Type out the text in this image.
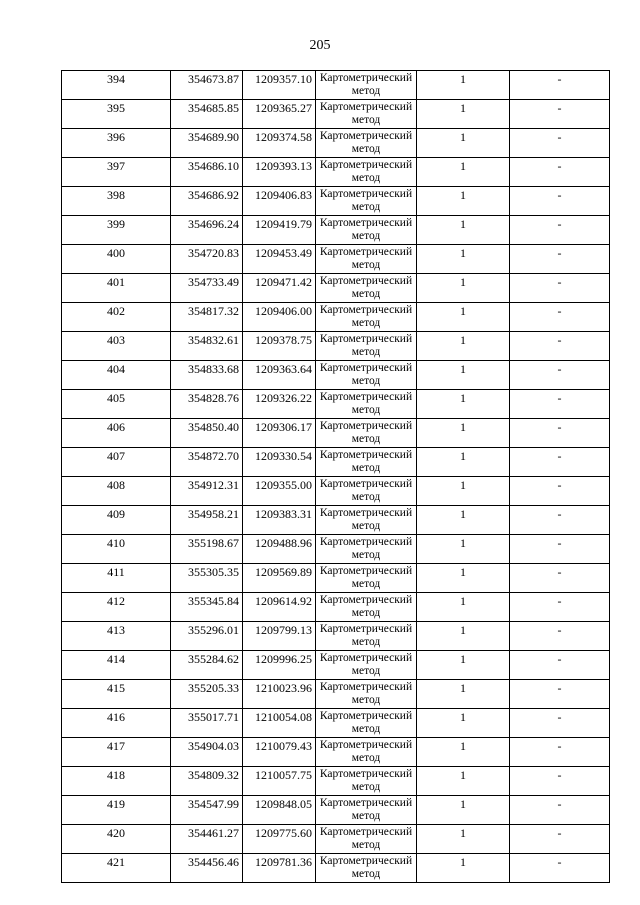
205
394	354673.87	1209357.10	Картометрический метод	1	-
395	354685.85	1209365.27	Картометрический метод	1	-
396	354689.90	1209374.58	Картометрический метод	1	-
397	354686.10	1209393.13	Картометрический метод	1	-
398	354686.92	1209406.83	Картометрический метод	1	-
399	354696.24	1209419.79	Картометрический метод	1	-
400	354720.83	1209453.49	Картометрический метод	1	-
401	354733.49	1209471.42	Картометрический метод	1	-
402	354817.32	1209406.00	Картометрический метод	1	-
403	354832.61	1209378.75	Картометрический метод	1	-
404	354833.68	1209363.64	Картометрический метод	1	-
405	354828.76	1209326.22	Картометрический метод	1	-
406	354850.40	1209306.17	Картометрический метод	1	-
407	354872.70	1209330.54	Картометрический метод	1	-
408	354912.31	1209355.00	Картометрический метод	1	-
409	354958.21	1209383.31	Картометрический метод	1	-
410	355198.67	1209488.96	Картометрический метод	1	-
411	355305.35	1209569.89	Картометрический метод	1	-
412	355345.84	1209614.92	Картометрический метод	1	-
413	355296.01	1209799.13	Картометрический метод	1	-
414	355284.62	1209996.25	Картометрический метод	1	-
415	355205.33	1210023.96	Картометрический метод	1	-
416	355017.71	1210054.08	Картометрический метод	1	-
417	354904.03	1210079.43	Картометрический метод	1	-
418	354809.32	1210057.75	Картометрический метод	1	-
419	354547.99	1209848.05	Картометрический метод	1	-
420	354461.27	1209775.60	Картометрический метод	1	-
421	354456.46	1209781.36	Картометрический метод	1	-
